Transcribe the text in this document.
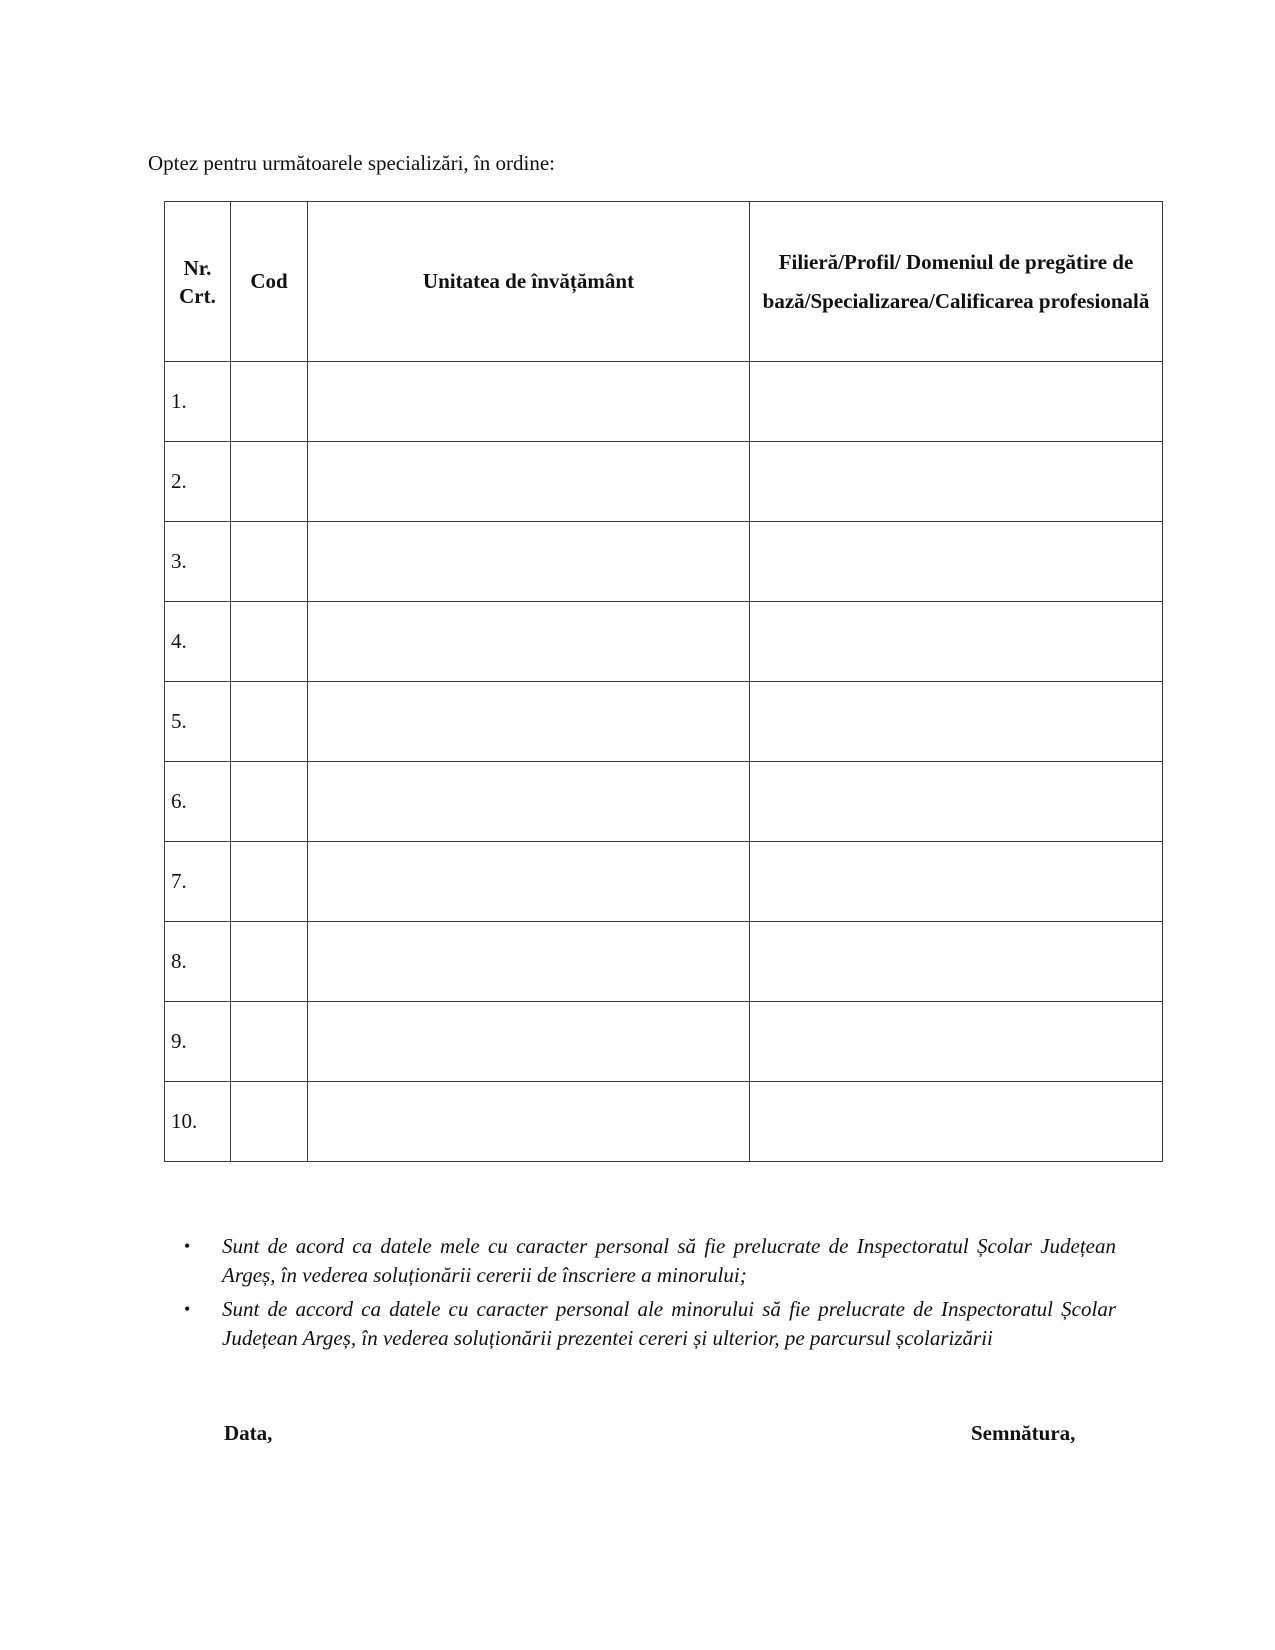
Optez pentru următoarele specializări, în ordine:
Nr.
Crt.	Cod	Unitatea de învățământ	Filieră/Profil/ Domeniul de pregătire de bază/Specializarea/Calificarea profesională
1.			
2.			
3.			
4.			
5.			
6.			
7.			
8.			
9.			
10.			
• Sunt de acord ca datele mele cu caracter personal să fie prelucrate de Inspectoratul Școlar Județean Argeș, în vederea soluționării cererii de înscriere a minorului;
• Sunt de accord ca datele cu caracter personal ale minorului să fie prelucrate de Inspectoratul Școlar Județean Argeș, în vederea soluționării prezentei cereri și ulterior, pe parcursul școlarizării
Data,	Semnătura,
